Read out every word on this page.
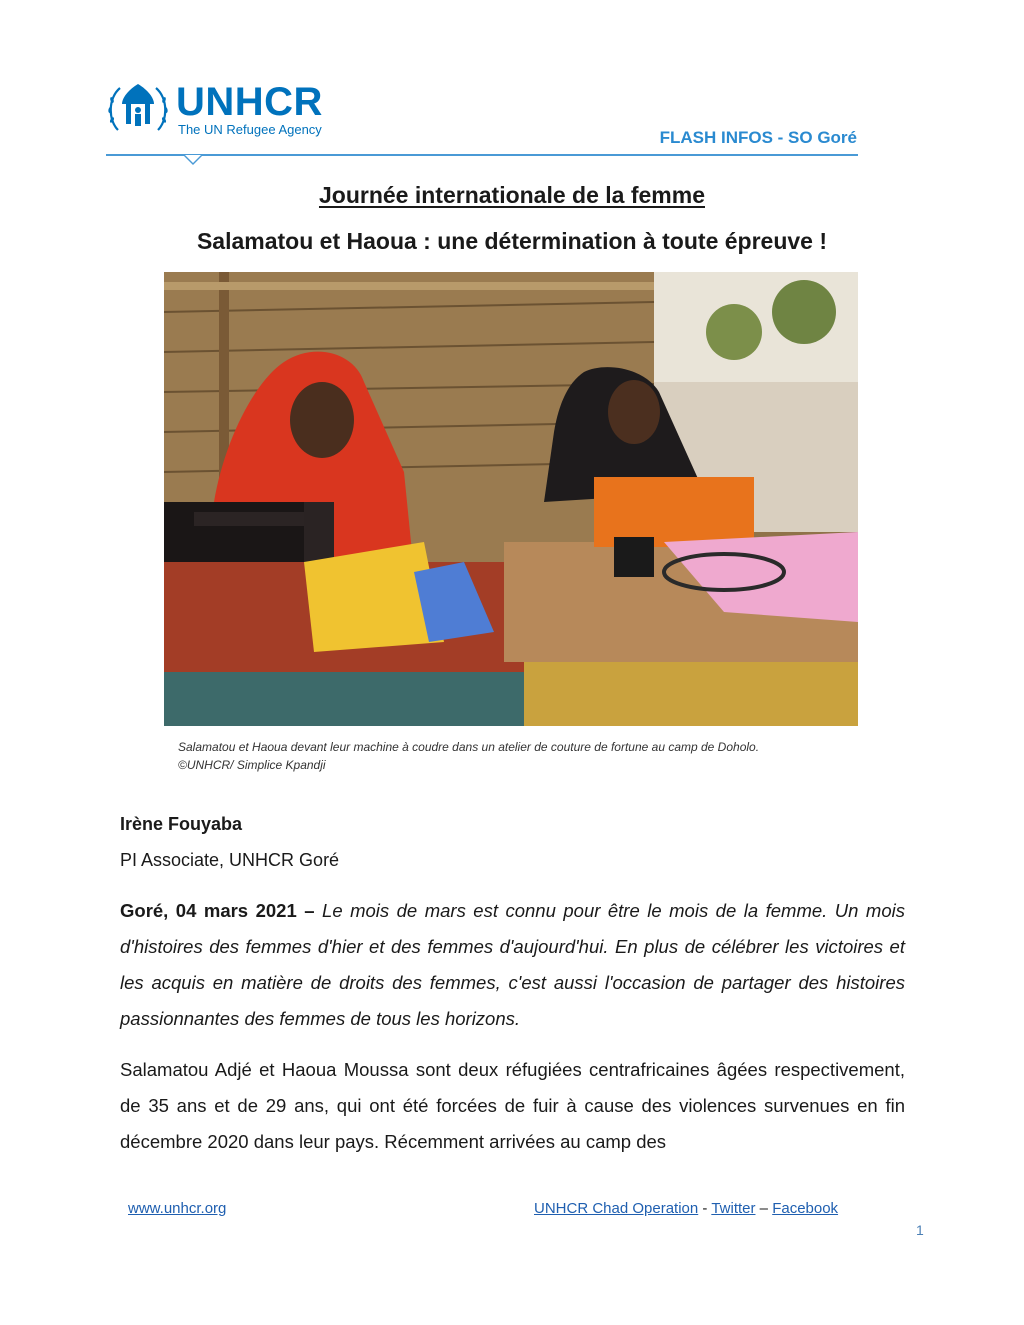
UNHCR
The UN Refugee Agency	FLASH INFOS - SO Goré
Journée internationale de la femme
Salamatou et Haoua : une détermination à toute épreuve !
Salamatou et Haoua devant leur machine à coudre dans un atelier de couture de fortune au camp de Doholo.
©UNHCR/ Simplice Kpandji
Irène Fouyaba
PI Associate, UNHCR Goré
Goré, 04 mars 2021 – Le mois de mars est connu pour être le mois de la femme. Un mois d'histoires des femmes d'hier et des femmes d'aujourd'hui. En plus de célébrer les victoires et les acquis en matière de droits des femmes, c'est aussi l'occasion de partager des histoires passionnantes des femmes de tous les horizons.
Salamatou Adjé et Haoua Moussa sont deux réfugiées centrafricaines âgées respectivement, de 35 ans et de 29 ans, qui ont été forcées de fuir à cause des violences survenues en fin décembre 2020 dans leur pays. Récemment arrivées au camp des
www.unhcr.org	UNHCR Chad Operation - Twitter – Facebook
1
